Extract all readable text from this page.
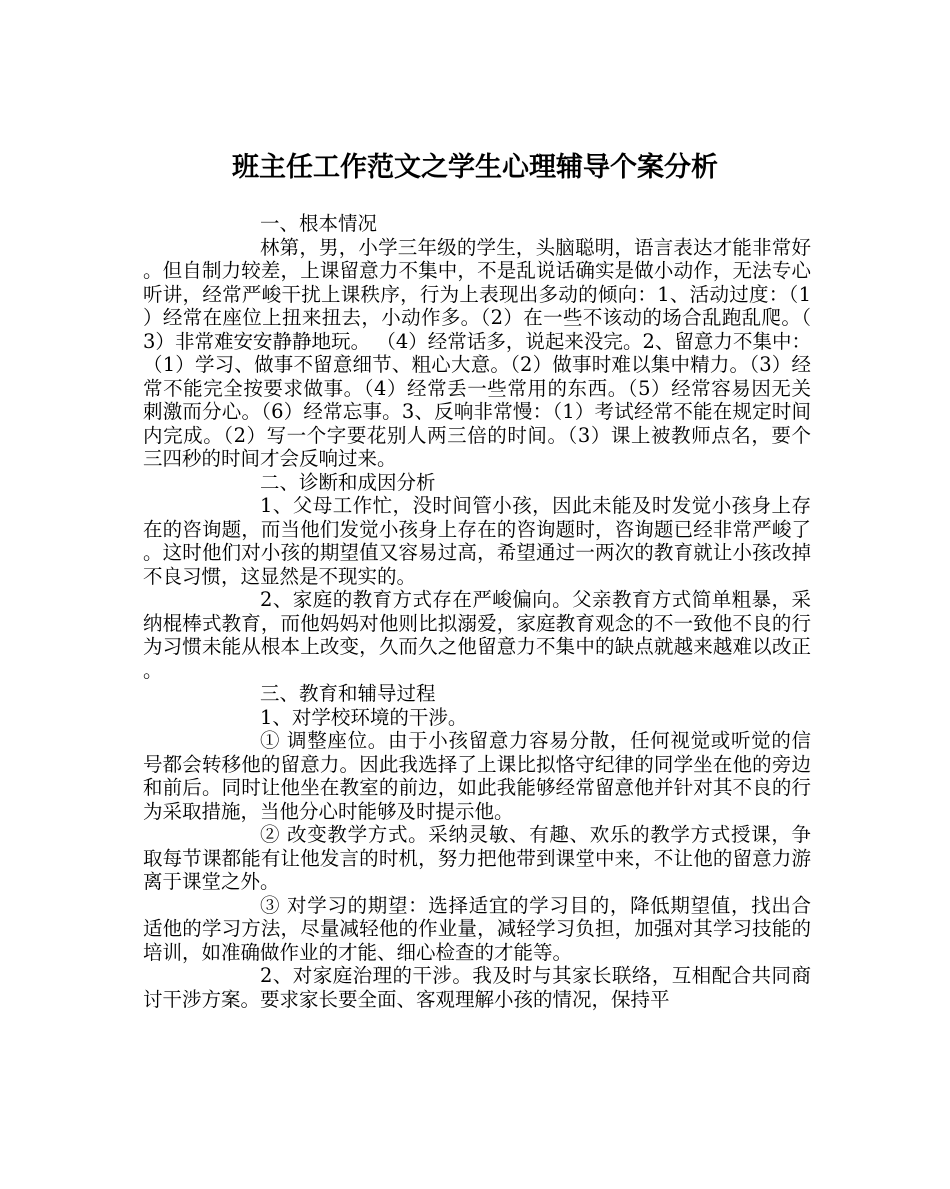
班主任工作范文之学生心理辅导个案分析

一、根本情况

林第，男，小学三年级的学生，头脑聪明，语言表达才能非常好。但自制力较差，上课留意力不集中，不是乱说话确实是做小动作，无法专心听讲，经常严峻干扰上课秩序，行为上表现出多动的倾向：1、活动过度：（1）经常在座位上扭来扭去，小动作多。（2）在一些不该动的场合乱跑乱爬。（3）非常难安安静静地玩。 （4）经常话多，说起来没完。2、留意力不集中：（1）学习、做事不留意细节、粗心大意。（2）做事时难以集中精力。（3）经常不能完全按要求做事。（4）经常丢一些常用的东西。（5）经常容易因无关刺激而分心。（6）经常忘事。3、反响非常慢：（1）考试经常不能在规定时间内完成。（2）写一个字要花别人两三倍的时间。（3）课上被教师点名，要个三四秒的时间才会反响过来。

二、诊断和成因分析

1、父母工作忙，没时间管小孩，因此未能及时发觉小孩身上存在的咨询题，而当他们发觉小孩身上存在的咨询题时，咨询题已经非常严峻了。这时他们对小孩的期望值又容易过高，希望通过一两次的教育就让小孩改掉不良习惯，这显然是不现实的。

2、家庭的教育方式存在严峻偏向。父亲教育方式简单粗暴，采纳棍棒式教育，而他妈妈对他则比拟溺爱，家庭教育观念的不一致他不良的行为习惯未能从根本上改变，久而久之他留意力不集中的缺点就越来越难以改正。

三、教育和辅导过程

1、对学校环境的干涉。

① 调整座位。由于小孩留意力容易分散，任何视觉或听觉的信号都会转移他的留意力。因此我选择了上课比拟恪守纪律的同学坐在他的旁边和前后。同时让他坐在教室的前边，如此我能够经常留意他并针对其不良的行为采取措施，当他分心时能够及时提示他。

② 改变教学方式。采纳灵敏、有趣、欢乐的教学方式授课，争取每节课都能有让他发言的时机，努力把他带到课堂中来，不让他的留意力游离于课堂之外。

③ 对学习的期望：选择适宜的学习目的，降低期望值，找出合适他的学习方法，尽量减轻他的作业量，减轻学习负担，加强对其学习技能的培训，如准确做作业的才能、细心检查的才能等。

2、对家庭治理的干涉。我及时与其家长联络，互相配合共同商讨干涉方案。要求家长要全面、客观理解小孩的情况，保持平
